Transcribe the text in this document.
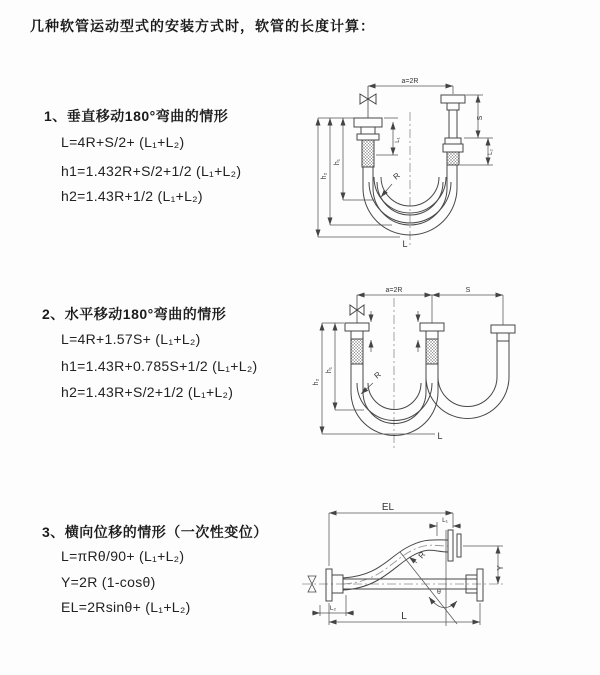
几种软管运动型式的安装方式时，软管的长度计算：
1、垂直移动180°弯曲的情形
L=4R+S/2+ (L₁+L₂)
h1=1.432R+S/2+1/2 (L₁+L₂)
h2=1.43R+1/2 (L₁+L₂)
2、水平移动180°弯曲的情形
L=4R+1.57S+ (L₁+L₂)
h1=1.43R+0.785S+1/2 (L₁+L₂)
h2=1.43R+S/2+1/2 (L₁+L₂)
3、横向位移的情形（一次性变位）
L=πRθ/90+ (L₁+L₂)
Y=2R (1-cosθ)
EL=2Rsinθ+ (L₁+L₂)
a=2R
h₁
h₂
L₁
S
L₂
R
L
a=2R	S
h₁
h₂
R
L
EL
L₁
Y
R
θ
L
L₂
